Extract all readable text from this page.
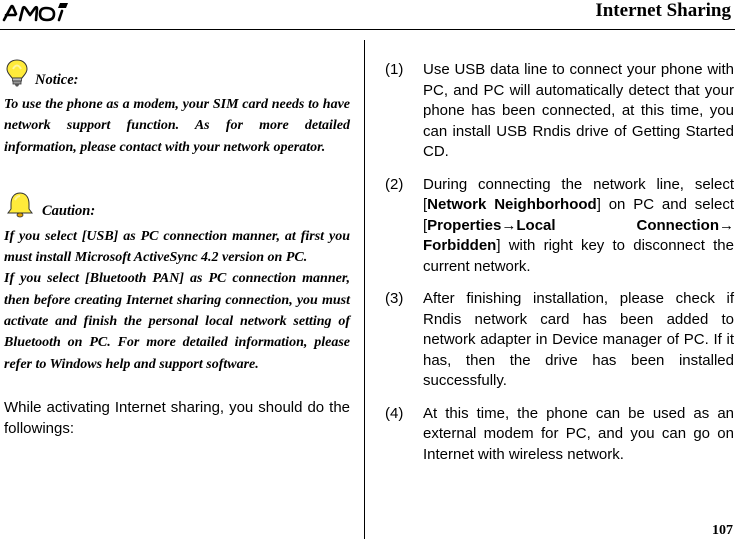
Internet Sharing
Notice:

To use the phone as a modem, your SIM card needs to have network support function. As for more detailed information, please contact with your network operator.

Caution:

If you select [USB] as PC connection manner, at first you must install Microsoft ActiveSync 4.2 version on PC.

If you select [Bluetooth PAN] as PC connection manner, then before creating Internet sharing connection, you must activate and finish the personal local network setting of Bluetooth on PC. For more detailed information, please refer to Windows help and support software.

While activating Internet sharing, you should do the followings:

(1) Use USB data line to connect your phone with PC, and PC will automatically detect that your phone has been connected, at this time, you can install USB Rndis drive of Getting Started CD.
(2) During connecting the network line, select [Network Neighborhood] on PC and select [Properties→Local Connection→ Forbidden] with right key to disconnect the current network.
(3) After finishing installation, please check if Rndis network card has been added to network adapter in Device manager of PC. If it has, then the drive has been installed successfully.
(4) At this time, the phone can be used as an external modem for PC, and you can go on Internet with wireless network.
107
